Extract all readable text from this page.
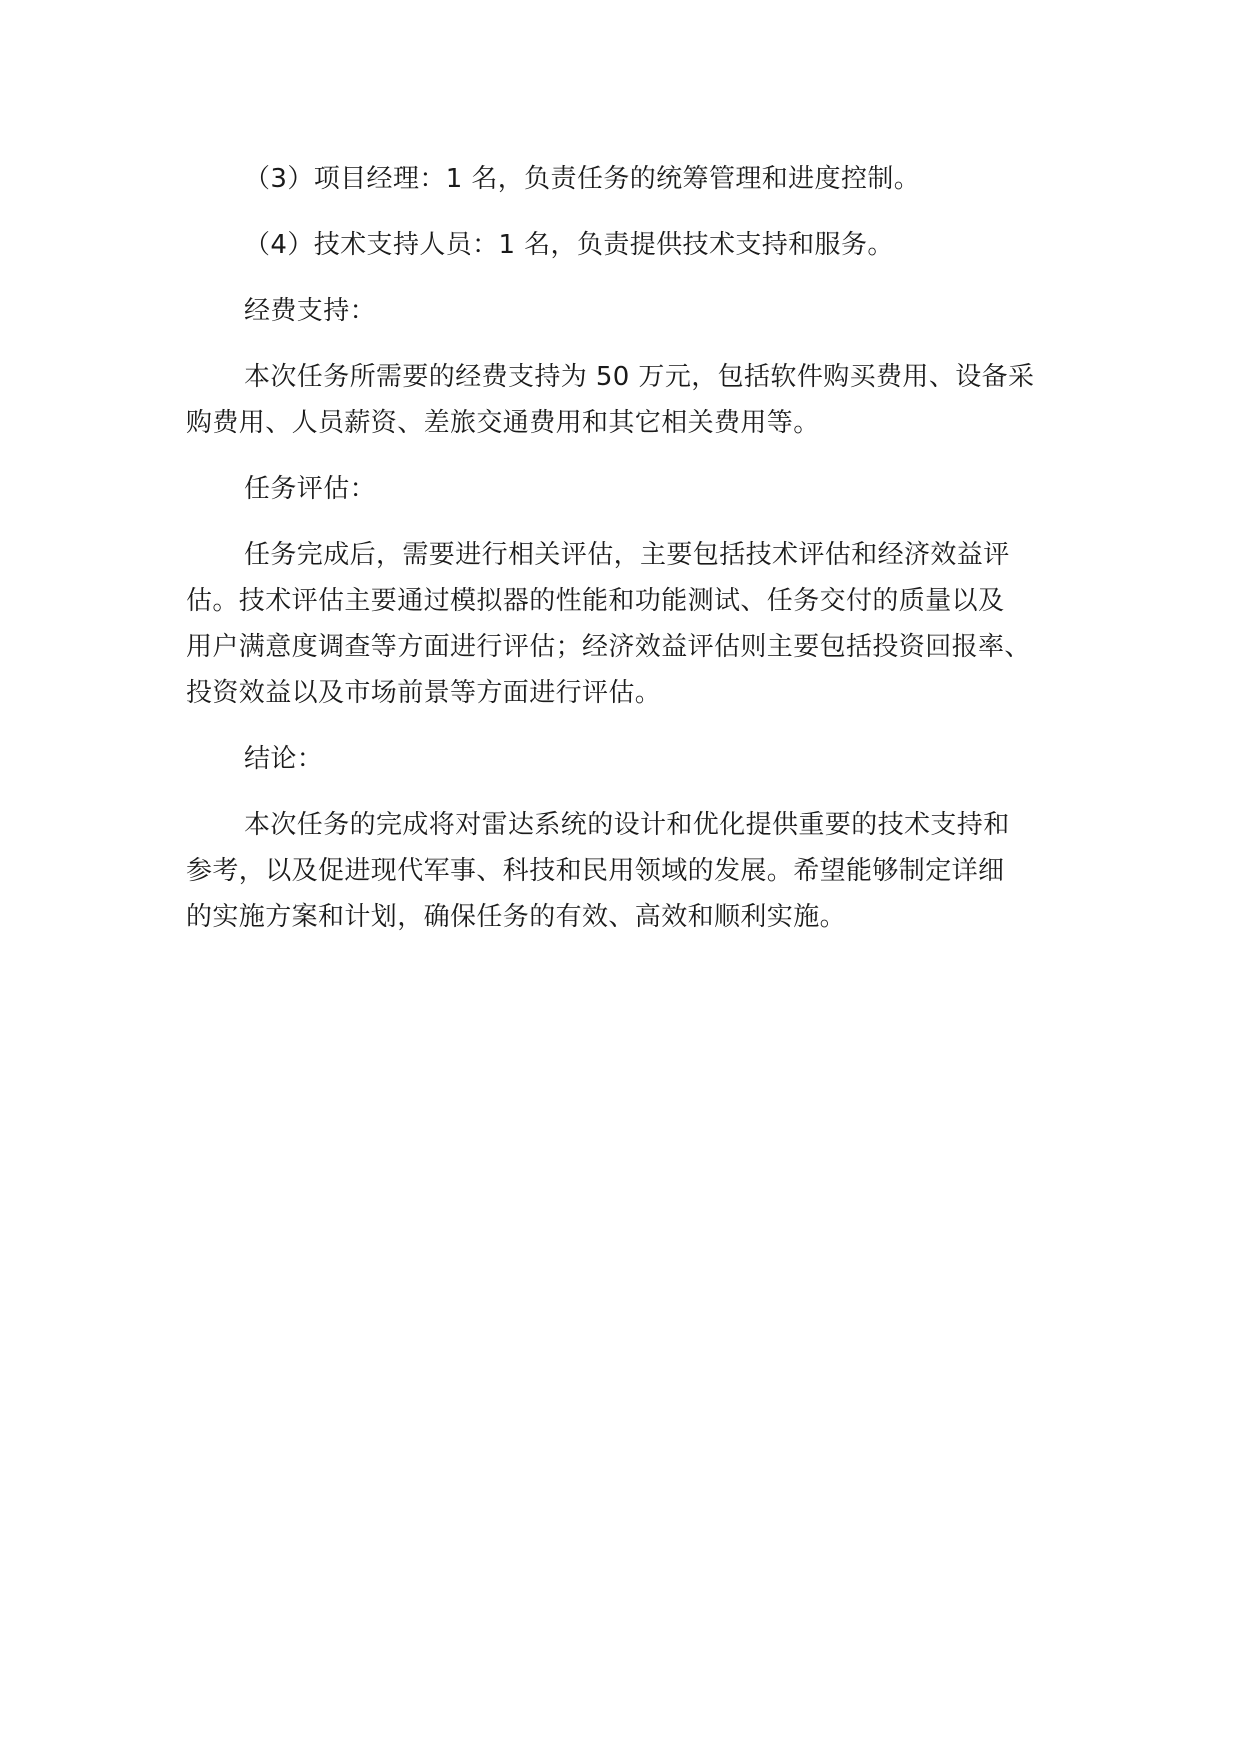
（3）项目经理：1 名，负责任务的统筹管理和进度控制。

（4）技术支持人员：1 名，负责提供技术支持和服务。

经费支持：

本次任务所需要的经费支持为 50 万元，包括软件购买费用、设备采
购费用、人员薪资、差旅交通费用和其它相关费用等。

任务评估：

任务完成后，需要进行相关评估，主要包括技术评估和经济效益评
估。技术评估主要通过模拟器的性能和功能测试、任务交付的质量以及
用户满意度调查等方面进行评估；经济效益评估则主要包括投资回报率、
投资效益以及市场前景等方面进行评估。

结论：

本次任务的完成将对雷达系统的设计和优化提供重要的技术支持和
参考，以及促进现代军事、科技和民用领域的发展。希望能够制定详细
的实施方案和计划，确保任务的有效、高效和顺利实施。
